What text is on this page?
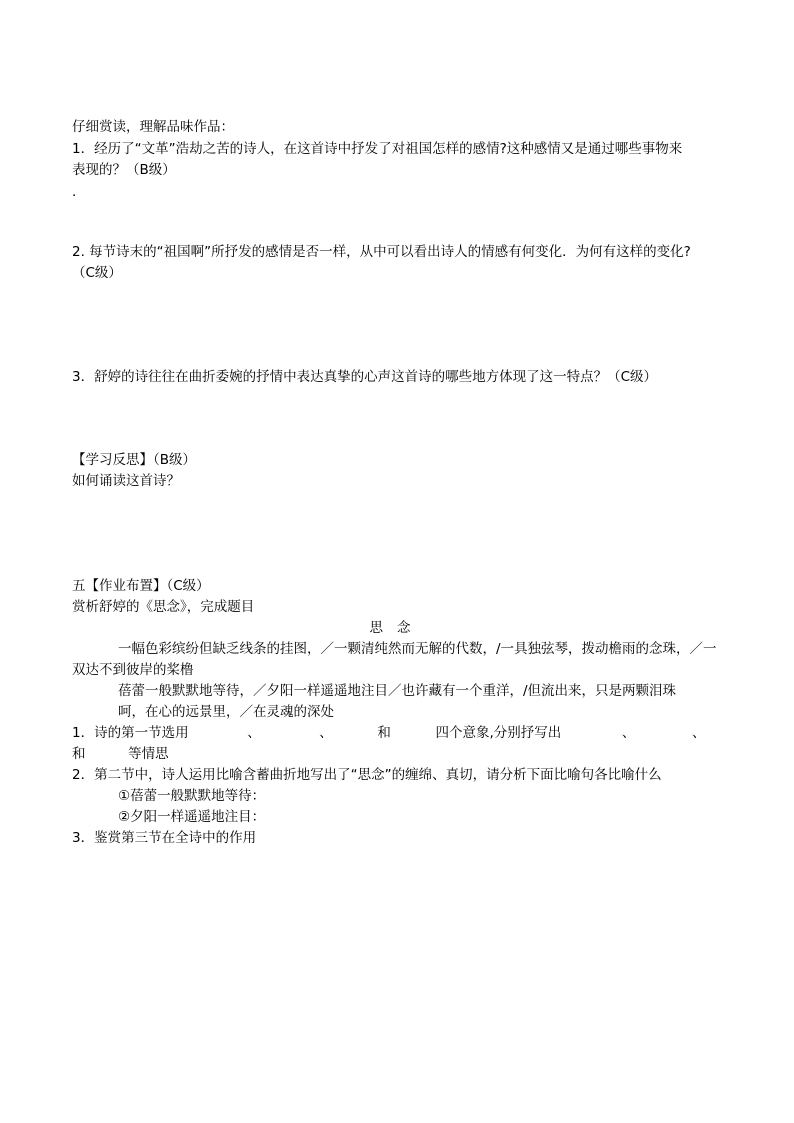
仔细赏读，理解品味作品：
1．经历了“文革”浩劫之苦的诗人，在这首诗中抒发了对祖国怎样的感情?这种感情又是通过哪些事物来
表现的？（B级）
.
2. 每节诗末的“祖国啊”所抒发的感情是否一样，从中可以看出诗人的情感有何变化．为何有这样的变化?
（C级）
3．舒婷的诗往往在曲折委婉的抒情中表达真挚的心声这首诗的哪些地方体现了这一特点？（C级）
【学习反思】（B级）
如何诵读这首诗？
五【作业布置】（C级）
赏析舒婷的《思念》，完成题目
思念
一幅色彩缤纷但缺乏线条的挂图，／一颗清纯然而无解的代数，/一具独弦琴，拨动檐雨的念珠，／一
双达不到彼岸的桨橹
蓓蕾一般默默地等待，／夕阳一样遥遥地注目／也许藏有一个重洋，/但流出来，只是两颗泪珠
呵，在心的远景里，／在灵魂的深处
1．诗的第一节选用	、	、	和	四个意象,分别抒写出	、	、
和	等情思
2．第二节中，诗人运用比喻含蓄曲折地写出了“思念”的缠绵、真切，请分析下面比喻句各比喻什么
①蓓蕾一般默默地等待：
②夕阳一样遥遥地注目：
3．鉴赏第三节在全诗中的作用
